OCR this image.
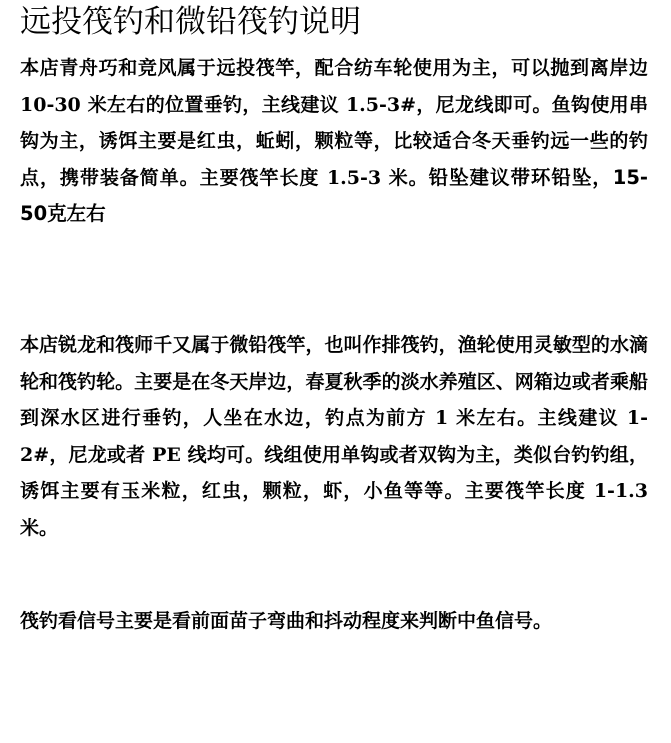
远投筏钓和微铅筏钓说明

本店青舟巧和竞风属于远投筏竿，配合纺车轮使用为主，可以抛到离岸边 10-30 米左右的位置垂钓，主线建议 1.5-3#，尼龙线即可。鱼钩使用串钩为主，诱饵主要是红虫，蚯蚓，颗粒等，比较适合冬天垂钓远一些的钓点，携带装备简单。主要筏竿长度 1.5-3 米。铅坠建议带环铅坠，15-50克左右

本店锐龙和筏师千又属于微铅筏竿，也叫作排筏钓，渔轮使用灵敏型的水滴轮和筏钓轮。主要是在冬天岸边，春夏秋季的淡水养殖区、网箱边或者乘船到深水区进行垂钓，人坐在水边，钓点为前方 1 米左右。主线建议 1-2#，尼龙或者 PE 线均可。线组使用单钩或者双钩为主，类似台钓钓组，诱饵主要有玉米粒，红虫，颗粒，虾，小鱼等等。主要筏竿长度 1-1.3 米。

筏钓看信号主要是看前面苗子弯曲和抖动程度来判断中鱼信号。
